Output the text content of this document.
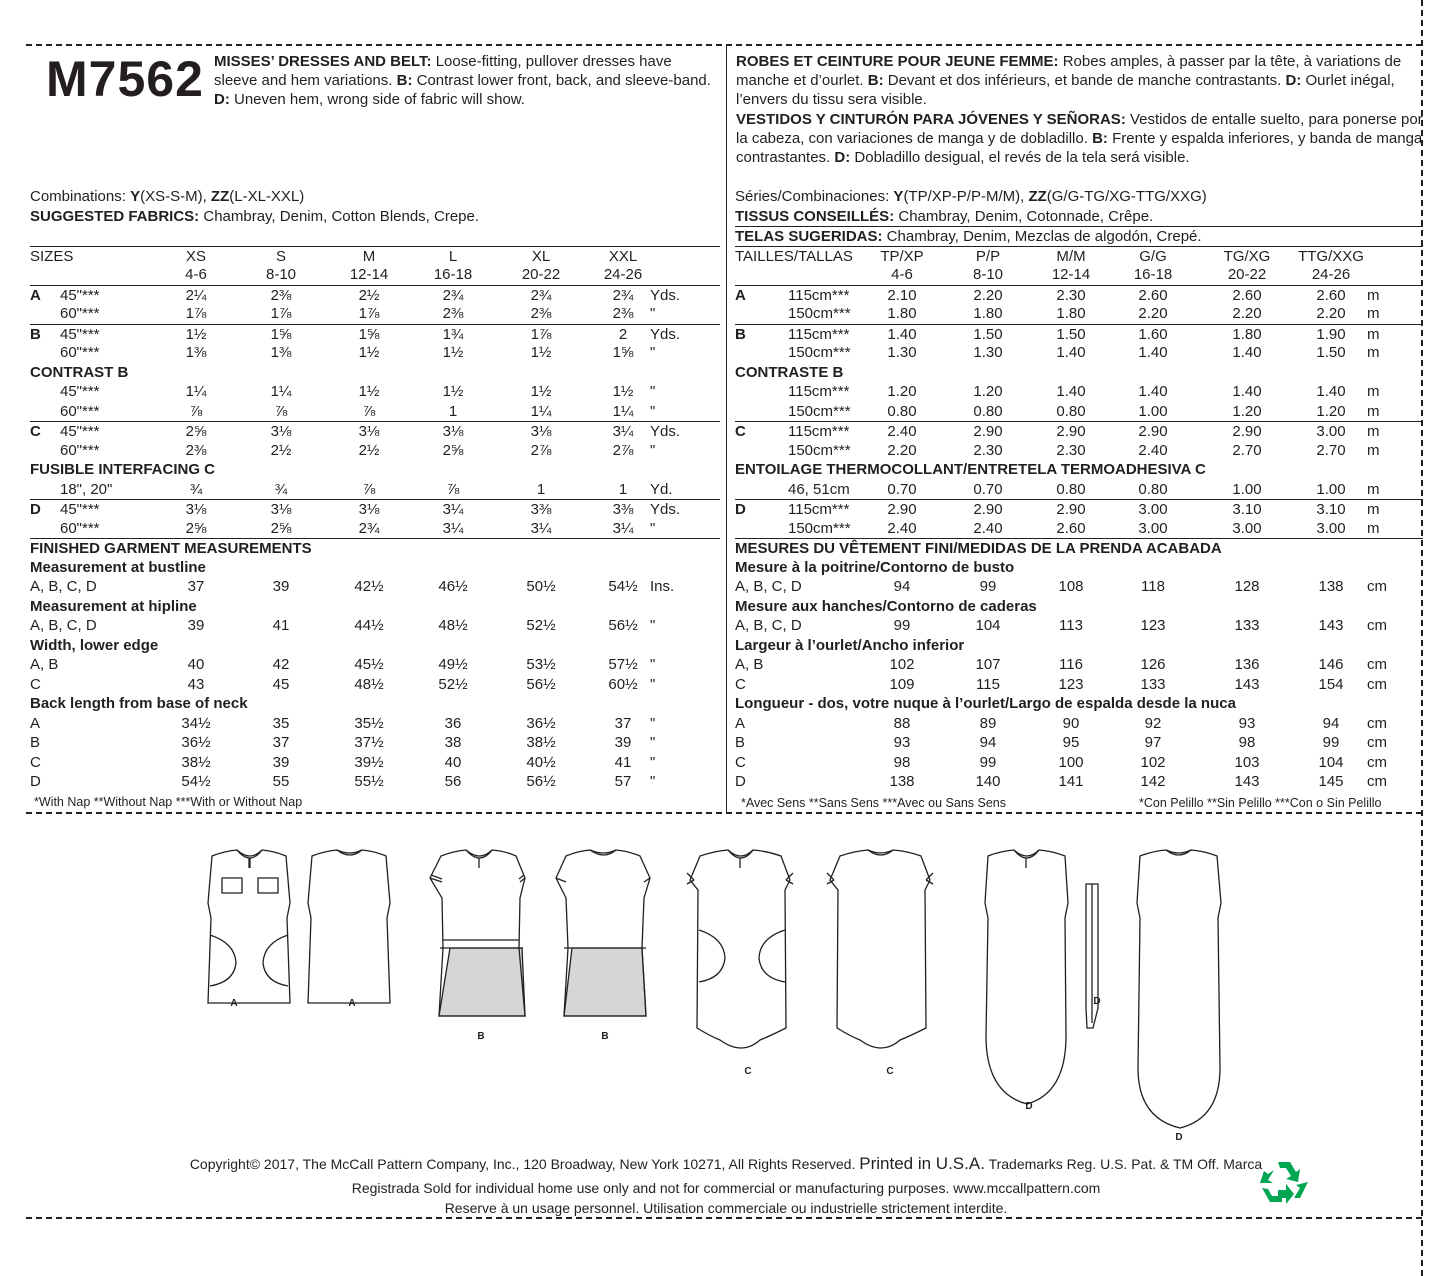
M7562 MISSES’ DRESSES AND BELT: Loose-fitting, pullover dresses have sleeve and hem variations. B: Contrast lower front, back, and sleeve-band. D: Uneven hem, wrong side of fabric will show.
ROBES ET CEINTURE POUR JEUNE FEMME: Robes amples, à passer par la tête, à variations de manche et d’ourlet. B: Devant et dos inférieurs, et bande de manche contrastants. D: Ourlet inégal, l’envers du tissu sera visible.
VESTIDOS Y CINTURÓN PARA JÓVENES Y SEÑORAS: Vestidos de entalle suelto, para ponerse por la cabeza, con variaciones de manga y de dobladillo. B: Frente y espalda inferiores, y banda de manga contrastantes. D: Dobladillo desigual, el revés de la tela será visible.
Combinations: Y(XS-S-M), ZZ(L-XL-XXL)
SUGGESTED FABRICS: Chambray, Denim, Cotton Blends, Crepe.
SIZES	XS	S	M	L	XL	XXL
4-6	8-10	12-14	16-18	20-22	24-26
A 45"***	2¼	2⅜	2½	2¾	2¾	2¾ Yds.
60"***	1⅞	1⅞	1⅞	2⅜	2⅜	2⅜ "
B 45"***	1½	1⅝	1⅝	1¾	1⅞	2 Yds.
60"***	1⅜	1⅜	1½	1½	1½	1⅝ "
CONTRAST B
45"***	1¼	1¼	1½	1½	1½	1½ "
60"***	⅞	⅞	⅞	1	1¼	1¼ "
C 45"***	2⅝	3⅛	3⅛	3⅛	3⅛	3¼ Yds.
60"***	2⅜	2½	2½	2⅝	2⅞	2⅞ "
FUSIBLE INTERFACING C
18", 20"	¾	¾	⅞	⅞	1	1 Yd.
D 45"***	3⅛	3⅛	3⅛	3¼	3⅜	3⅜ Yds.
60"***	2⅝	2⅝	2¾	3¼	3¼	3¼ "
FINISHED GARMENT MEASUREMENTS
Measurement at bustline
A, B, C, D	37	39	42½	46½	50½	54½ Ins.
Measurement at hipline
A, B, C, D	39	41	44½	48½	52½	56½ "
Width, lower edge
A, B	40	42	45½	49½	53½	57½ "
C	43	45	48½	52½	56½	60½ "
Back length from base of neck
A	34½	35	35½	36	36½	37 "
B	36½	37	37½	38	38½	39 "
C	38½	39	39½	40	40½	41 "
D	54½	55	55½	56	56½	57 "
Séries/Combinaciones: Y(TP/XP-P/P-M/M), ZZ(G/G-TG/XG-TTG/XXG)
TISSUS CONSEILLÉS: Chambray, Denim, Cotonnade, Crêpe.
TELAS SUGERIDAS: Chambray, Denim, Mezclas de algodón, Crepé.
TAILLES/TALLAS TP/XP	P/P	M/M	G/G	TG/XG TTG/XXG
4-6	8-10	12-14	16-18	20-22	24-26
A	115cm***	2.10	2.20	2.30	2.60	2.60	2.60 m
150cm*** 1.80	1.80	1.80	2.20	2.20	2.20 m
B	115cm***	1.40	1.50	1.50	1.60	1.80	1.90 m
150cm*** 1.30	1.30	1.40	1.40	1.40	1.50 m
CONTRASTE B
115cm***	1.20	1.20	1.40	1.40	1.40	1.40 m
150cm*** 0.80	0.80	0.80	1.00	1.20	1.20 m
C	115cm***	2.40	2.90	2.90	2.90	2.90	3.00 m
150cm*** 2.20	2.30	2.30	2.40	2.70	2.70 m
ENTOILAGE THERMOCOLLANT/ENTRETELA TERMOADHESIVA C
46, 51cm	0.70	0.70	0.80	0.80	1.00	1.00 m
D	115cm***	2.90	2.90	2.90	3.00	3.10	3.10 m
150cm*** 2.40	2.40	2.60	3.00	3.00	3.00 m
MESURES DU VÊTEMENT FINI/MEDIDAS DE LA PRENDA ACABADA
Mesure à la poitrine/Contorno de busto
A, B, C, D	94	99	108	118	128	138 cm
Mesure aux hanches/Contorno de caderas
A, B, C, D	99	104	113	123	133	143 cm
Largeur à l’ourlet/Ancho inferior
A, B	102	107	116	126	136	146 cm
C	109	115	123	133	143	154 cm
Longueur - dos, votre nuque à l’ourlet/Largo de espalda desde la nuca
A	88	89	90	92	93	94 cm
B	93	94	95	97	98	99 cm
C	98	99	100	102	103	104 cm
D	138	140	141	142	143	145 cm
*With Nap **Without Nap ***With or Without Nap	*Avec Sens **Sans Sens ***Avec ou Sans Sens	*Con Pelillo **Sin Pelillo ***Con o Sin Pelillo
A	A
B	B
C	C
D
D
D
Copyright© 2017, The McCall Pattern Company, Inc., 120 Broadway, New York 10271, All Rights Reserved. Printed in U.S.A. Trademarks Reg. U.S. Pat. & TM Off. Marca
Registrada Sold for individual home use only and not for commercial or manufacturing purposes. www.mccallpattern.com
Reserve à un usage personnel. Utilisation commerciale ou industrielle strictement interdite.
